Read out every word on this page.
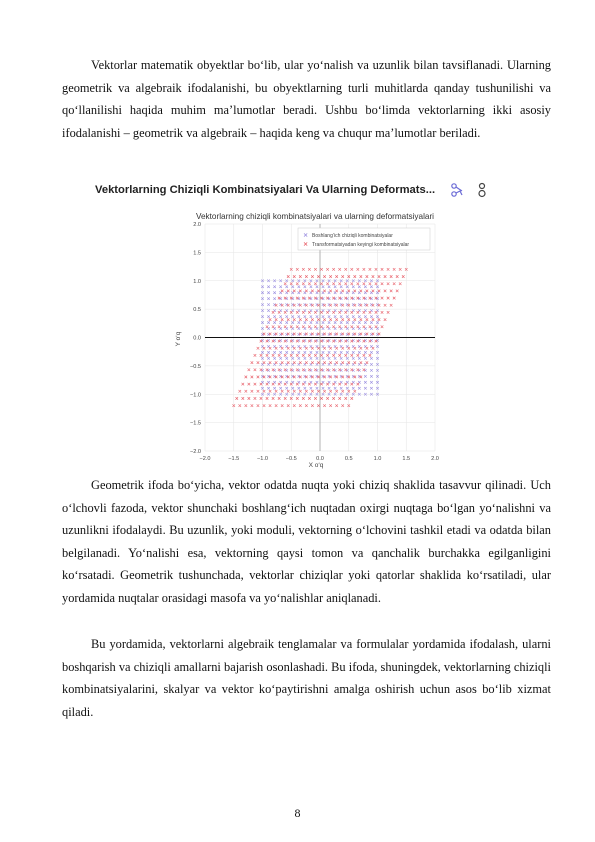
Vektorlar matematik obyektlar bo‘lib, ular yo‘nalish va uzunlik bilan tavsiflanadi. Ularning geometrik va algebraik ifodalanishi, bu obyektlarning turli muhitlarda qanday tushunilishi va qo‘llanilishi haqida muhim ma’lumotlar beradi. Ushbu bo‘limda vektorlarning ikki asosiy ifodalanishi – geometrik va algebraik – haqida keng va chuqur ma’lumotlar beriladi.

Vektorlarning Chiziqli Kombinatsiyalari Va Ularning Deformats...
Vektorlarning chiziqli kombinatsiyalari va ularning deformatsiyalari
−2.0	−1.5	−1.0	−0.5	0.0	0.5	1.0	1.5	2.0
2.0
1.5
1.0
0.5
0.0
−0.5
−1.0
−1.5
−2.0
X o‘q
Y o‘q
Boshlang‘ich chiziqli kombinatsiyalar
Transformatsiyadan keyingi kombinatsiyalar

Geometrik ifoda bo‘yicha, vektor odatda nuqta yoki chiziq shaklida tasavvur qilinadi. Uch o‘lchovli fazoda, vektor shunchaki boshlang‘ich nuqtadan oxirgi nuqtaga bo‘lgan yo‘nalishni va uzunlikni ifodalaydi. Bu uzunlik, yoki moduli, vektorning o‘lchovini tashkil etadi va odatda bilan belgilanadi. Yo‘nalishi esa, vektorning qaysi tomon va qanchalik burchakka egilganligini ko‘rsatadi. Geometrik tushunchada, vektorlar chiziqlar yoki qatorlar shaklida ko‘rsatiladi, ular yordamida nuqtalar orasidagi masofa va yo‘nalishlar aniqlanadi.

Bu yordamida, vektorlarni algebraik tenglamalar va formulalar yordamida ifodalash, ularni boshqarish va chiziqli amallarni bajarish osonlashadi. Bu ifoda, shuningdek, vektorlarning chiziqli kombinatsiyalarini, skalyar va vektor ko‘paytirishni amalga oshirish uchun asos bo‘lib xizmat qiladi.

8
